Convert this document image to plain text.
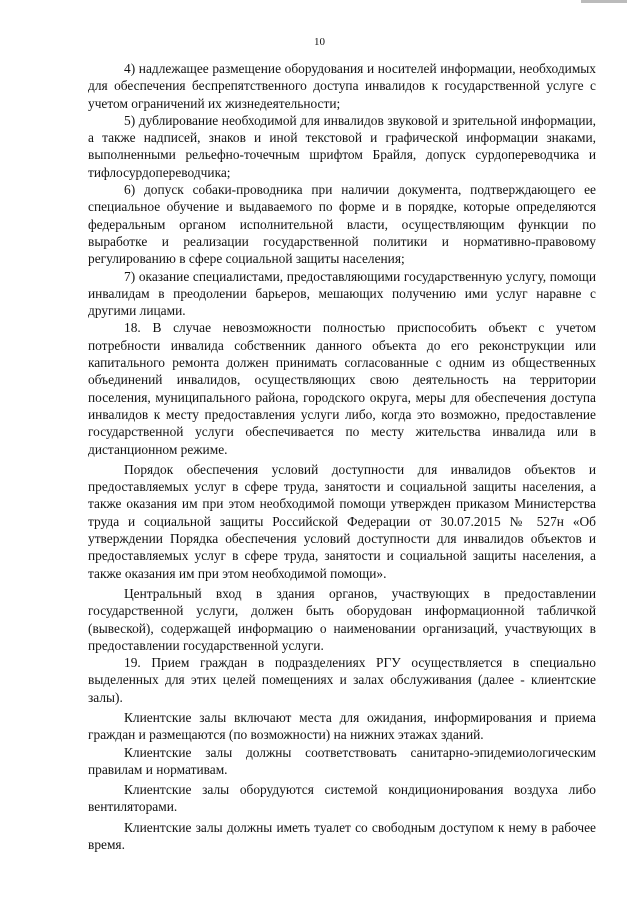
10

4) надлежащее размещение оборудования и носителей информации, необходимых для обеспечения беспрепятственного доступа инвалидов к государственной услуге с учетом ограничений их жизнедеятельности;

5) дублирование необходимой для инвалидов звуковой и зрительной информации, а также надписей, знаков и иной текстовой и графической информации знаками, выполненными рельефно-точечным шрифтом Брайля, допуск сурдопереводчика и тифлосурдопереводчика;

6) допуск собаки-проводника при наличии документа, подтверждающего ее специальное обучение и выдаваемого по форме и в порядке, которые определяются федеральным органом исполнительной власти, осуществляющим функции по выработке и реализации государственной политики и нормативно-правовому регулированию в сфере социальной защиты населения;

7) оказание специалистами, предоставляющими государственную услугу, помощи инвалидам в преодолении барьеров, мешающих получению ими услуг наравне с другими лицами.

18. В случае невозможности полностью приспособить объект с учетом потребности инвалида собственник данного объекта до его реконструкции или капитального ремонта должен принимать согласованные с одним из общественных объединений инвалидов, осуществляющих свою деятельность на территории поселения, муниципального района, городского округа, меры для обеспечения доступа инвалидов к месту предоставления услуги либо, когда это возможно, предоставление государственной услуги обеспечивается по месту жительства инвалида или в дистанционном режиме.

Порядок обеспечения условий доступности для инвалидов объектов и предоставляемых услуг в сфере труда, занятости и социальной защиты населения, а также оказания им при этом необходимой помощи утвержден приказом Министерства труда и социальной защиты Российской Федерации от 30.07.2015 № 527н «Об утверждении Порядка обеспечения условий доступности для инвалидов объектов и предоставляемых услуг в сфере труда, занятости и социальной защиты населения, а также оказания им при этом необходимой помощи».

Центральный вход в здания органов, участвующих в предоставлении государственной услуги, должен быть оборудован информационной табличкой (вывеской), содержащей информацию о наименовании организаций, участвующих в предоставлении государственной услуги.

19. Прием граждан в подразделениях РГУ осуществляется в специально выделенных для этих целей помещениях и залах обслуживания (далее - клиентские залы).

Клиентские залы включают места для ожидания, информирования и приема граждан и размещаются (по возможности) на нижних этажах зданий.

Клиентские залы должны соответствовать санитарно-эпидемиологическим правилам и нормативам.

Клиентские залы оборудуются системой кондиционирования воздуха либо вентиляторами.

Клиентские залы должны иметь туалет со свободным доступом к нему в рабочее время.
